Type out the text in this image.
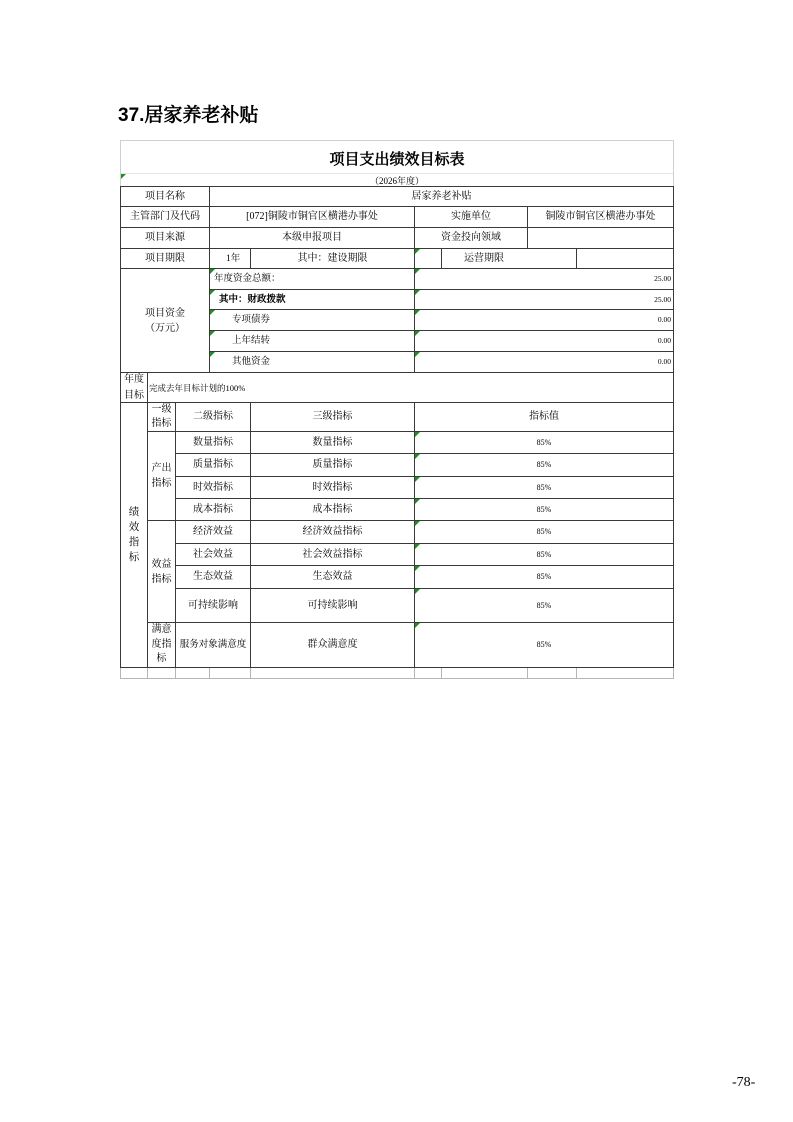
37.居家养老补贴
项目支出绩效目标表
（2026年度）
项目名称	居家养老补贴
主管部门及代码	[072]铜陵市铜官区横港办事处	实施单位	铜陵市铜官区横港办事处
项目来源	本级申报项目	资金投向领域
项目期限	1年	其中：建设期限	运营期限
项目资金
（万元）
年度资金总额：	25.00
其中：财政拨款	25.00
专项债券	0.00
上年结转	0.00
其他资金	0.00
年度目标
完成去年目标计划的100%
绩效指标
一级指标
二级指标	三级指标	指标值
产出指标
数量指标	数量指标	85%
质量指标	质量指标	85%
时效指标	时效指标	85%
成本指标	成本指标	85%
效益指标
经济效益	经济效益指标	85%
社会效益	社会效益指标	85%
生态效益	生态效益	85%
可持续影响	可持续影响	85%
满意度指标
服务对象满意度	群众满意度	85%
-78-
